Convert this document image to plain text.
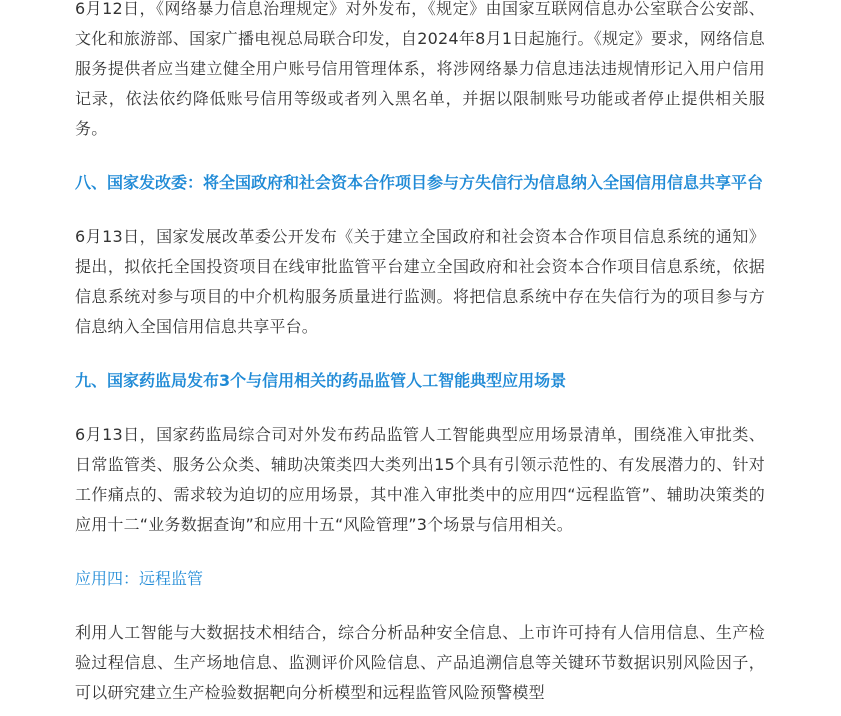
6月12日，《网络暴力信息治理规定》对外发布，《规定》由国家互联网信息办公室联合公安部、文化和旅游部、国家广播电视总局联合印发，自2024年8月1日起施行。《规定》要求，网络信息服务提供者应当建立健全用户账号信用管理体系，将涉网络暴力信息违法违规情形记入用户信用记录，依法依约降低账号信用等级或者列入黑名单，并据以限制账号功能或者停止提供相关服务。

八、国家发改委：将全国政府和社会资本合作项目参与方失信行为信息纳入全国信用信息共享平台

6月13日，国家发展改革委公开发布《关于建立全国政府和社会资本合作项目信息系统的通知》提出，拟依托全国投资项目在线审批监管平台建立全国政府和社会资本合作项目信息系统，依据信息系统对参与项目的中介机构服务质量进行监测。将把信息系统中存在失信行为的项目参与方信息纳入全国信用信息共享平台。

九、国家药监局发布3个与信用相关的药品监管人工智能典型应用场景

6月13日，国家药监局综合司对外发布药品监管人工智能典型应用场景清单，围绕准入审批类、日常监管类、服务公众类、辅助决策类四大类列出15个具有引领示范性的、有发展潜力的、针对工作痛点的、需求较为迫切的应用场景，其中准入审批类中的应用四“远程监管”、辅助决策类的应用十二“业务数据查询”和应用十五“风险管理”3个场景与信用相关。

应用四：远程监管

利用人工智能与大数据技术相结合，综合分析品种安全信息、上市许可持有人信用信息、生产检验过程信息、生产场地信息、监测评价风险信息、产品追溯信息等关键环节数据识别风险因子，可以研究建立生产检验数据靶向分析模型和远程监管风险预警模型
